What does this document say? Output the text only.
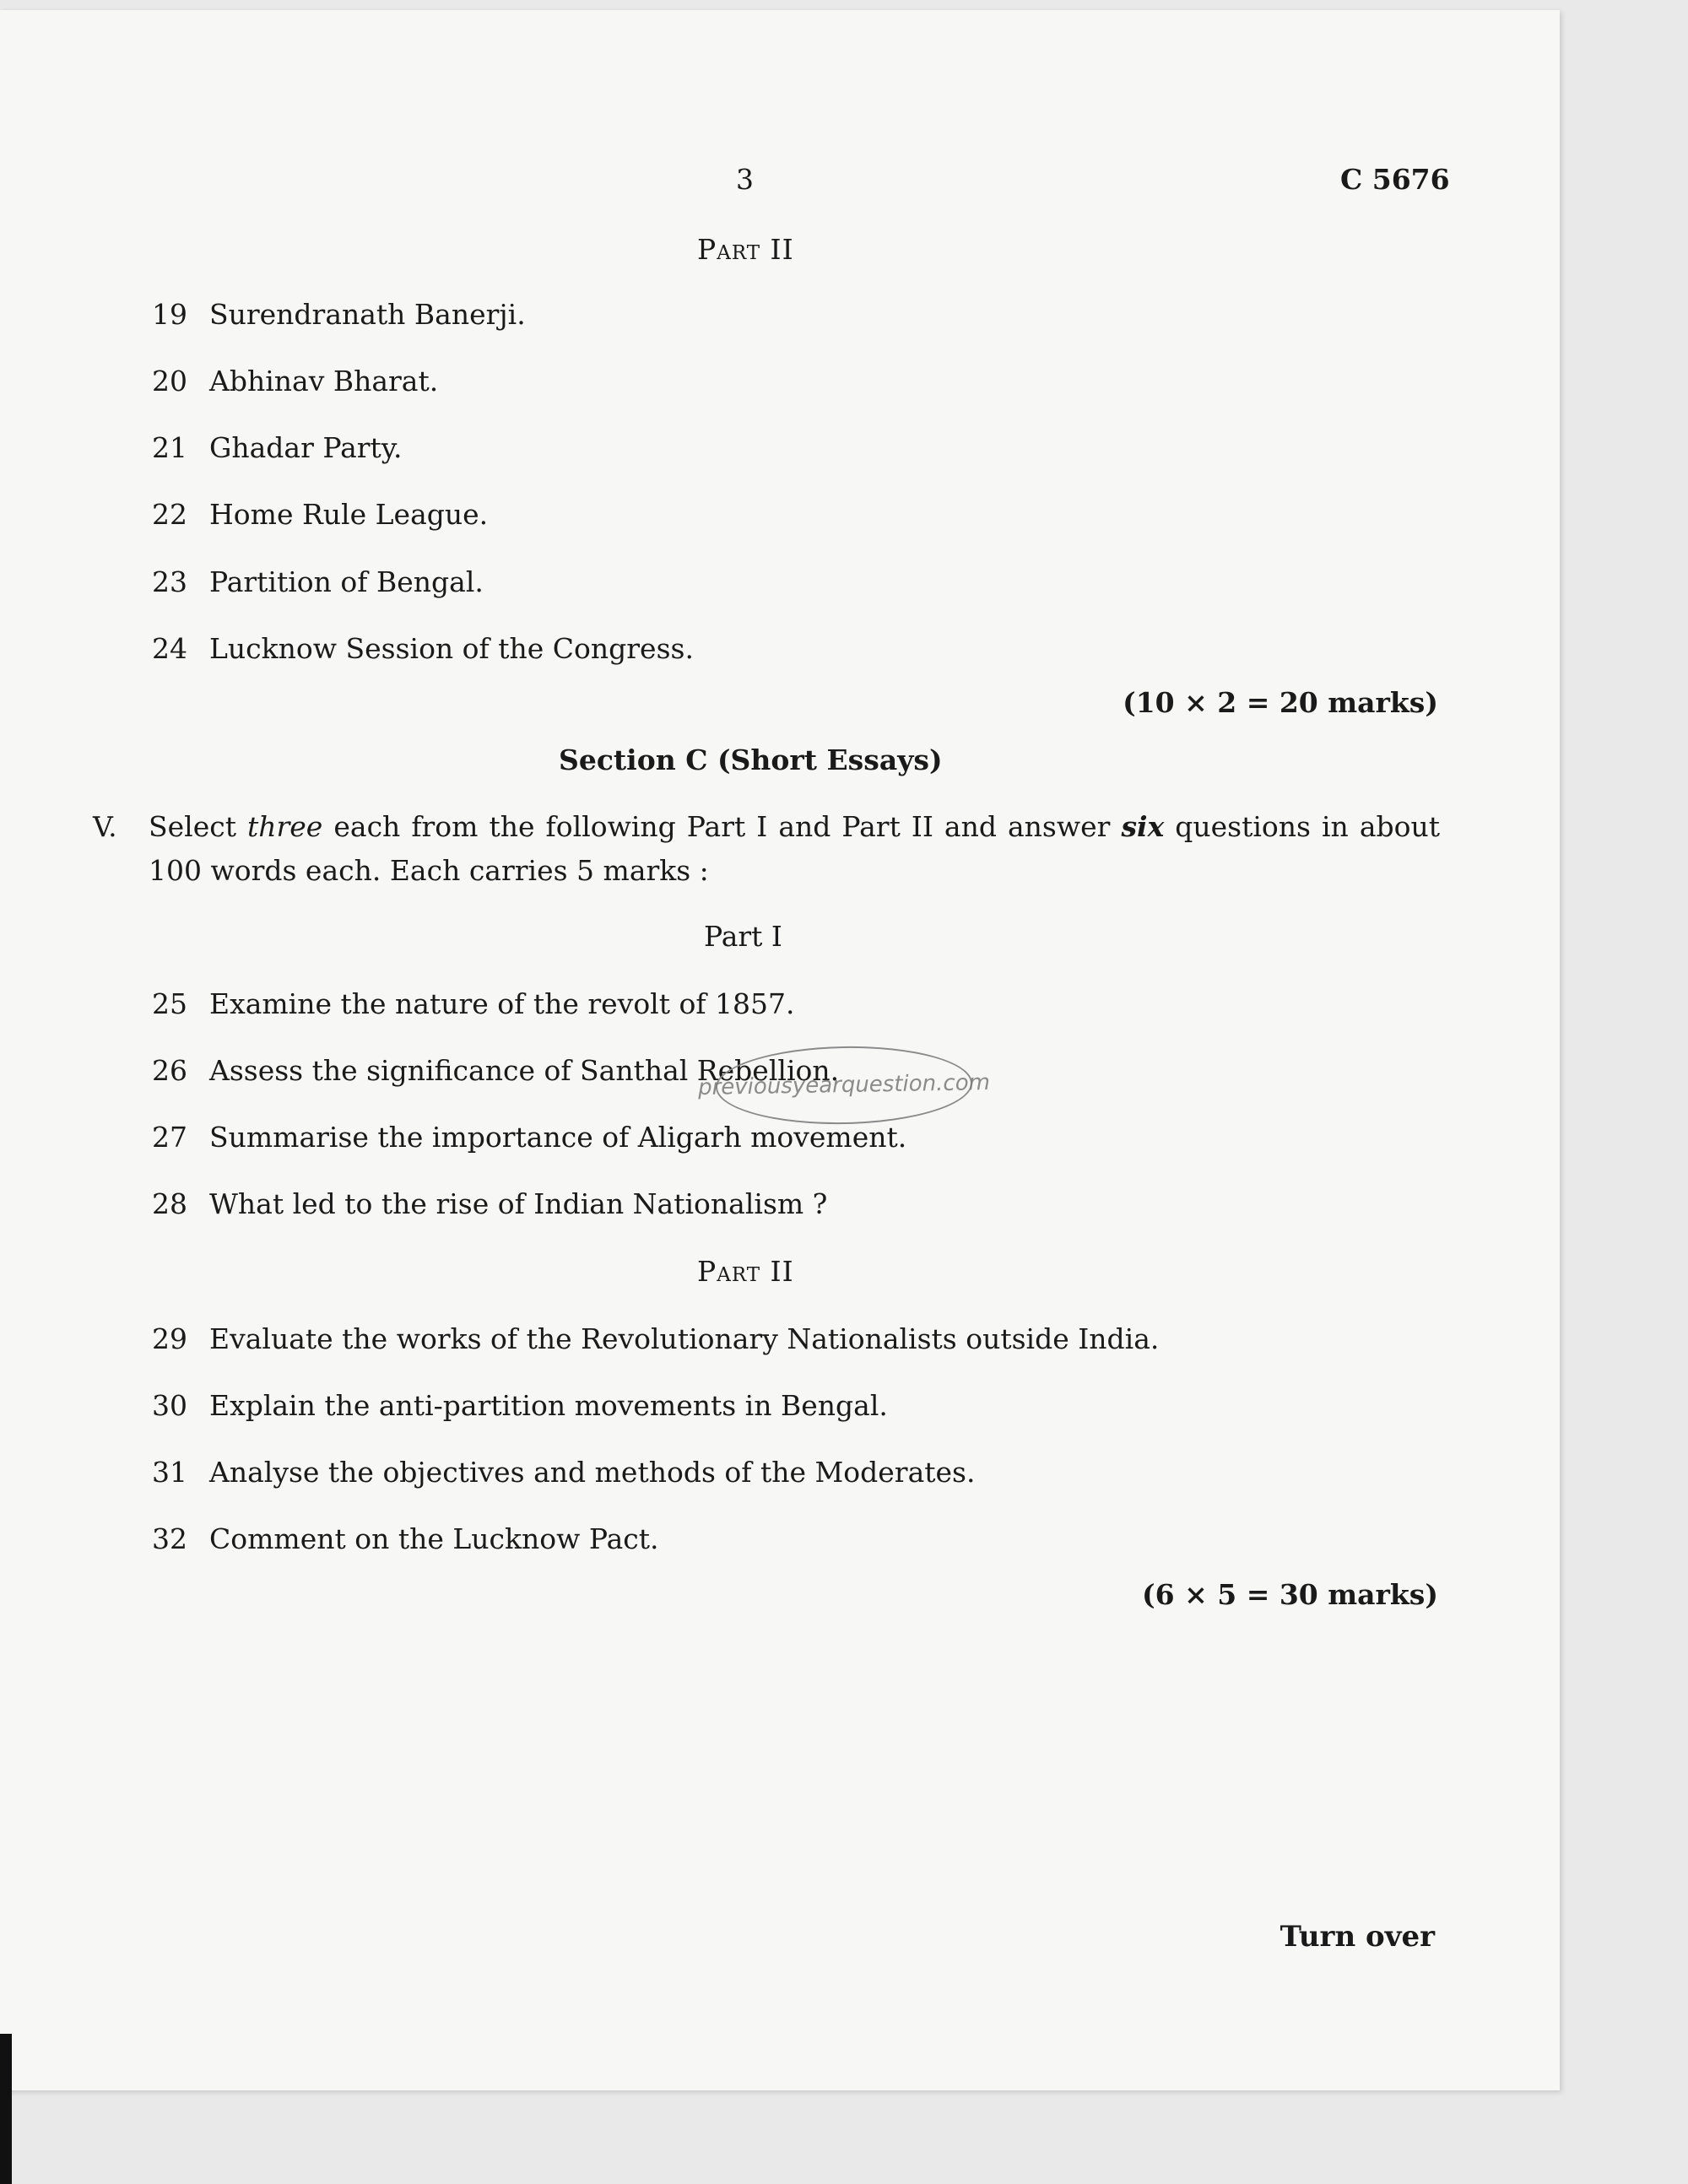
3	C 5676
Part II
19 Surendranath Banerji.
20 Abhinav Bharat.
21 Ghadar Party.
22 Home Rule League.
23 Partition of Bengal.
24 Lucknow Session of the Congress.
(10 × 2 = 20 marks)
Section C (Short Essays)
V. Select three each from the following Part I and Part II and answer six questions in about 100 words each. Each carries 5 marks :
Part I
25 Examine the nature of the revolt of 1857.
26 Assess the significance of Santhal Rebellion.
27 Summarise the importance of Aligarh movement.
28 What led to the rise of Indian Nationalism ?
previousyearquestion.com
Part II
29 Evaluate the works of the Revolutionary Nationalists outside India.
30 Explain the anti-partition movements in Bengal.
31 Analyse the objectives and methods of the Moderates.
32 Comment on the Lucknow Pact.
(6 × 5 = 30 marks)
Turn over
